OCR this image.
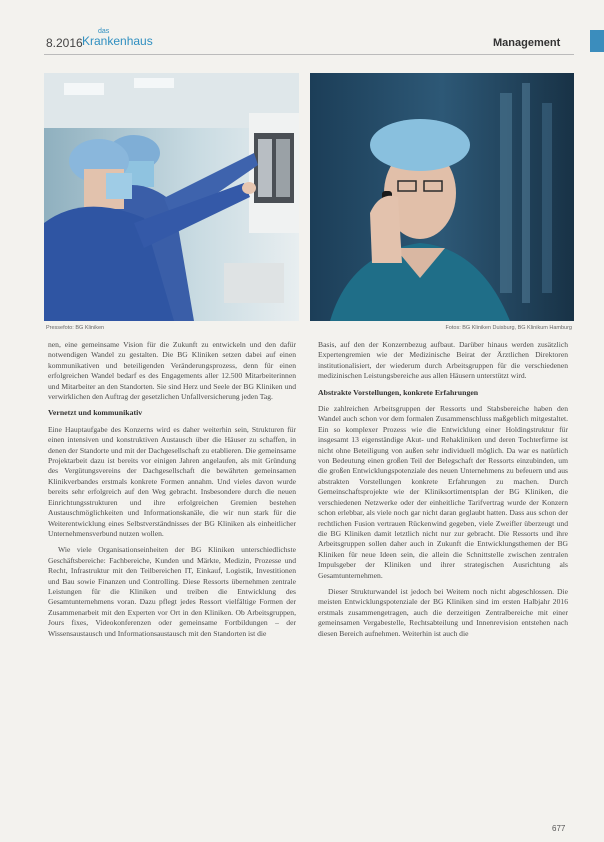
8.2016
das
Krankenhaus	Management
Pressefoto: BG Kliniken	Fotos: BG Kliniken Duisburg, BG Klinikum Hamburg

nen, eine gemeinsame Vision für die Zukunft zu entwickeln und den dafür notwendigen Wandel zu gestalten. Die BG Kliniken setzen dabei auf einen kommunikativen und beteiligenden Veränderungsprozess, denn für einen erfolgreichen Wandel bedarf es des Engagements aller 12.500 Mitarbeiterinnen und Mitarbeiter an den Standorten. Sie sind Herz und Seele der BG Kliniken und verwirklichen den Auftrag der gesetzlichen Unfallversicherung jeden Tag.

Vernetzt und kommunikativ

Eine Hauptaufgabe des Konzerns wird es daher weiterhin sein, Strukturen für einen intensiven und konstruktiven Austausch über die Häuser zu schaffen, in denen der Standorte und mit der Dachgesellschaft zu etablieren. Die gemeinsame Projektarbeit dazu ist bereits vor einigen Jahren angelaufen, als mit Gründung des Vergütungsvereins der Dachgesellschaft die bewährten gemeinsamen Klinikverbandes erstmals konkrete Formen annahm. Und vieles davon wurde bereits sehr erfolgreich auf den Weg gebracht. Insbesondere durch die neuen Einrichtungsstrukturen und ihre erfolgreichen Gremien bestehen Austauschmöglichkeiten und Informationskanäle, die wir nun stark für die Weiterentwicklung eines Selbstverständnisses der BG Kliniken als einheitlicher Unternehmensverbund nutzen wollen.

Wie viele Organisationseinheiten der BG Kliniken unterschiedlichste Geschäftsbereiche: Fachbereiche, Kunden und Märkte, Medizin, Prozesse und Recht, Infrastruktur mit den Teilbereichen IT, Einkauf, Logistik, Investitionen und Bau sowie Finanzen und Controlling. Diese Ressorts übernehmen zentrale Leistungen für die Kliniken und treiben die Entwicklung des Gesamtunternehmens voran. Dazu pflegt jedes Ressort vielfältige Formen der Zusammenarbeit mit den Experten vor Ort in den Kliniken. Ob Arbeitsgruppen, Jours fixes, Videokonferenzen oder gemeinsame Fortbildungen – der Wissensaustausch und Informationsaustausch mit den Standorten ist die

Basis, auf den der Konzernbezug aufbaut. Darüber hinaus werden zusätzlich Expertengremien wie der Medizinische Beirat der Ärztlichen Direktoren institutionalisiert, der wiederum durch Arbeitsgruppen für die verschiedenen medizinischen Leistungsbereiche aus allen Häusern unterstützt wird.

Abstrakte Vorstellungen, konkrete Erfahrungen

Die zahlreichen Arbeitsgruppen der Ressorts und Stabsbereiche haben den Wandel auch schon vor dem formalen Zusammenschluss maßgeblich mitgestaltet. Ein so komplexer Prozess wie die Entwicklung einer Holdingstruktur für insgesamt 13 eigenständige Akut- und Rehakliniken und deren Tochterfirme ist nicht ohne Beteiligung von außen sehr individuell möglich. Da war es natürlich von Bedeutung einen großen Teil der Belegschaft der Ressorts einzubinden, um die großen Entwicklungspotenziale des neuen Unternehmens zu befeuern und aus abstrakten Vorstellungen konkrete Erfahrungen zu machen. Durch Gemeinschaftsprojekte wie der Kliniksortimentsplan der BG Kliniken, die verschiedenen Netzwerke oder der einheitliche Tarifvertrag wurde der Konzern schon erlebbar, als viele noch gar nicht daran geglaubt hatten. Dass aus schon der rechtlichen Fusion vertrauen Rückenwind gegeben, viele Zweifler überzeugt und die BG Kliniken damit letztlich nicht nur zur gebracht. Die Ressorts und ihre Arbeitsgruppen sollen daher auch in Zukunft die Entwicklungsthemen der BG Kliniken für neue Ideen sein, die allein die Schnittstelle zwischen zentralen Impulsgeber der Kliniken und ihrer strategischen Ausrichtung als Gesamtunternehmen.

Dieser Strukturwandel ist jedoch bei Weitem noch nicht abgeschlossen. Die meisten Entwicklungspotenziale der BG Kliniken sind im ersten Halbjahr 2016 erstmals zusammengetragen, auch die derzeitigen Zentralbereiche mit einer gemeinsamen Vergabestelle, Rechtsabteilung und Innenrevision entstehen nach diesen Bereich aufnehmen. Weiterhin ist auch die

677
